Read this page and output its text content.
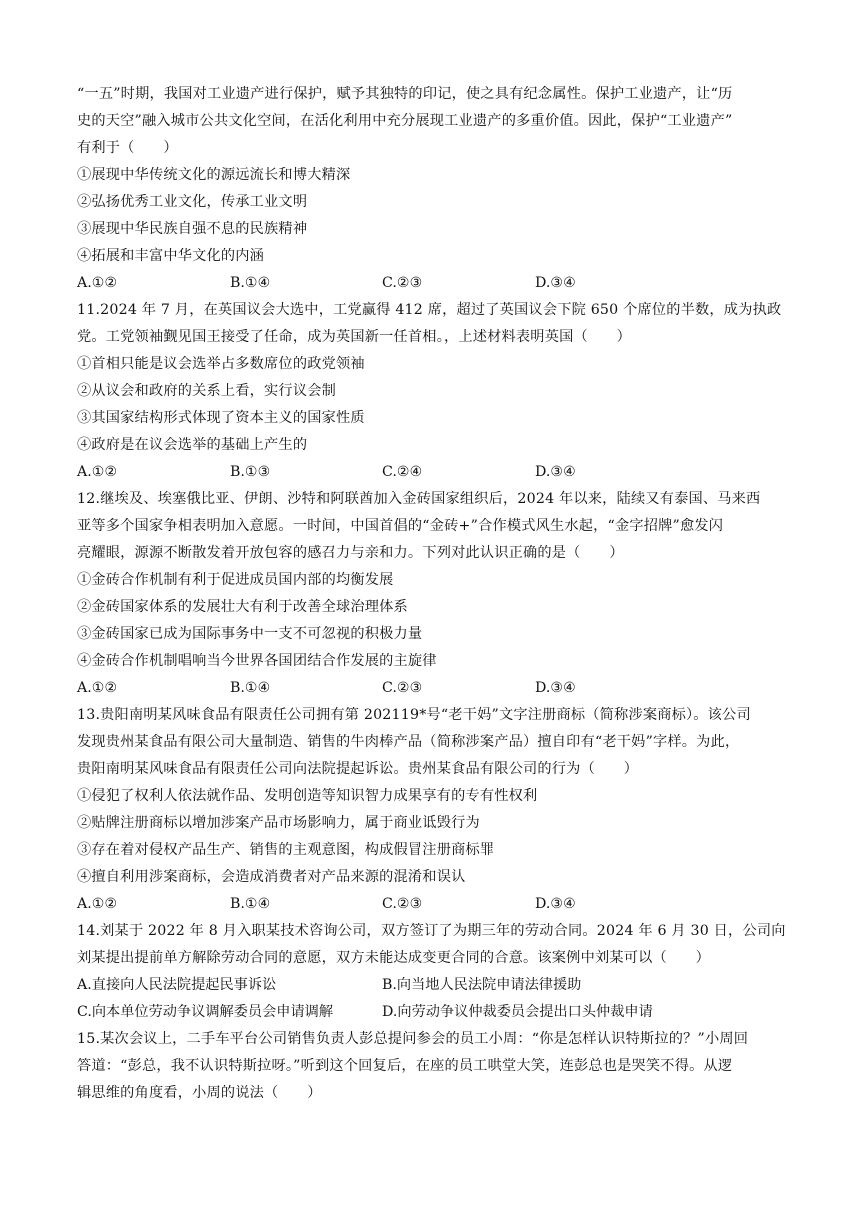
“一五”时期，我国对工业遗产进行保护，赋予其独特的印记，使之具有纪念属性。保护工业遗产，让“历
史的天空”融入城市公共文化空间，在活化利用中充分展现工业遗产的多重价值。因此，保护“工业遗产”
有利于（　　）
①展现中华传统文化的源远流长和博大精深
②弘扬优秀工业文化，传承工业文明
③展现中华民族自强不息的民族精神
④拓展和丰富中华文化的内涵
A.①②	B.①④	C.②③	D.③④
11.2024 年 7 月，在英国议会大选中，工党赢得 412 席，超过了英国议会下院 650 个席位的半数，成为执政
党。工党领袖觐见国王接受了任命，成为英国新一任首相。，上述材料表明英国（　　）
①首相只能是议会选举占多数席位的政党领袖
②从议会和政府的关系上看，实行议会制
③其国家结构形式体现了资本主义的国家性质
④政府是在议会选举的基础上产生的
A.①②	B.①③	C.②④	D.③④
12.继埃及、埃塞俄比亚、伊朗、沙特和阿联酋加入金砖国家组织后，2024 年以来，陆续又有泰国、马来西
亚等多个国家争相表明加入意愿。一时间，中国首倡的“金砖+”合作模式风生水起，“金字招牌”愈发闪
亮耀眼，源源不断散发着开放包容的感召力与亲和力。下列对此认识正确的是（　　）
①金砖合作机制有利于促进成员国内部的均衡发展
②金砖国家体系的发展壮大有利于改善全球治理体系
③金砖国家已成为国际事务中一支不可忽视的积极力量
④金砖合作机制唱响当今世界各国团结合作发展的主旋律
A.①②	B.①④	C.②③	D.③④
13.贵阳南明某风味食品有限责任公司拥有第 202119*号“老干妈”文字注册商标（简称涉案商标）。该公司
发现贵州某食品有限公司大量制造、销售的牛肉棒产品（简称涉案产品）擅自印有“老干妈”字样。为此，
贵阳南明某风味食品有限责任公司向法院提起诉讼。贵州某食品有限公司的行为（　　）
①侵犯了权利人依法就作品、发明创造等知识智力成果享有的专有性权利
②贴牌注册商标以增加涉案产品市场影响力，属于商业诋毁行为
③存在着对侵权产品生产、销售的主观意图，构成假冒注册商标罪
④擅自利用涉案商标，会造成消费者对产品来源的混淆和误认
A.①②	B.①④	C.②③	D.③④
14.刘某于 2022 年 8 月入职某技术咨询公司，双方签订了为期三年的劳动合同。2024 年 6 月 30 日，公司向
刘某提出提前单方解除劳动合同的意愿，双方未能达成变更合同的合意。该案例中刘某可以（　　）
A.直接向人民法院提起民事诉讼	B.向当地人民法院申请法律援助
C.向本单位劳动争议调解委员会申请调解	D.向劳动争议仲裁委员会提出口头仲裁申请
15.某次会议上，二手车平台公司销售负责人彭总提问参会的员工小周：“你是怎样认识特斯拉的？”小周回
答道：“彭总，我不认识特斯拉呀。”听到这个回复后，在座的员工哄堂大笑，连彭总也是哭笑不得。从逻
辑思维的角度看，小周的说法（　　）
